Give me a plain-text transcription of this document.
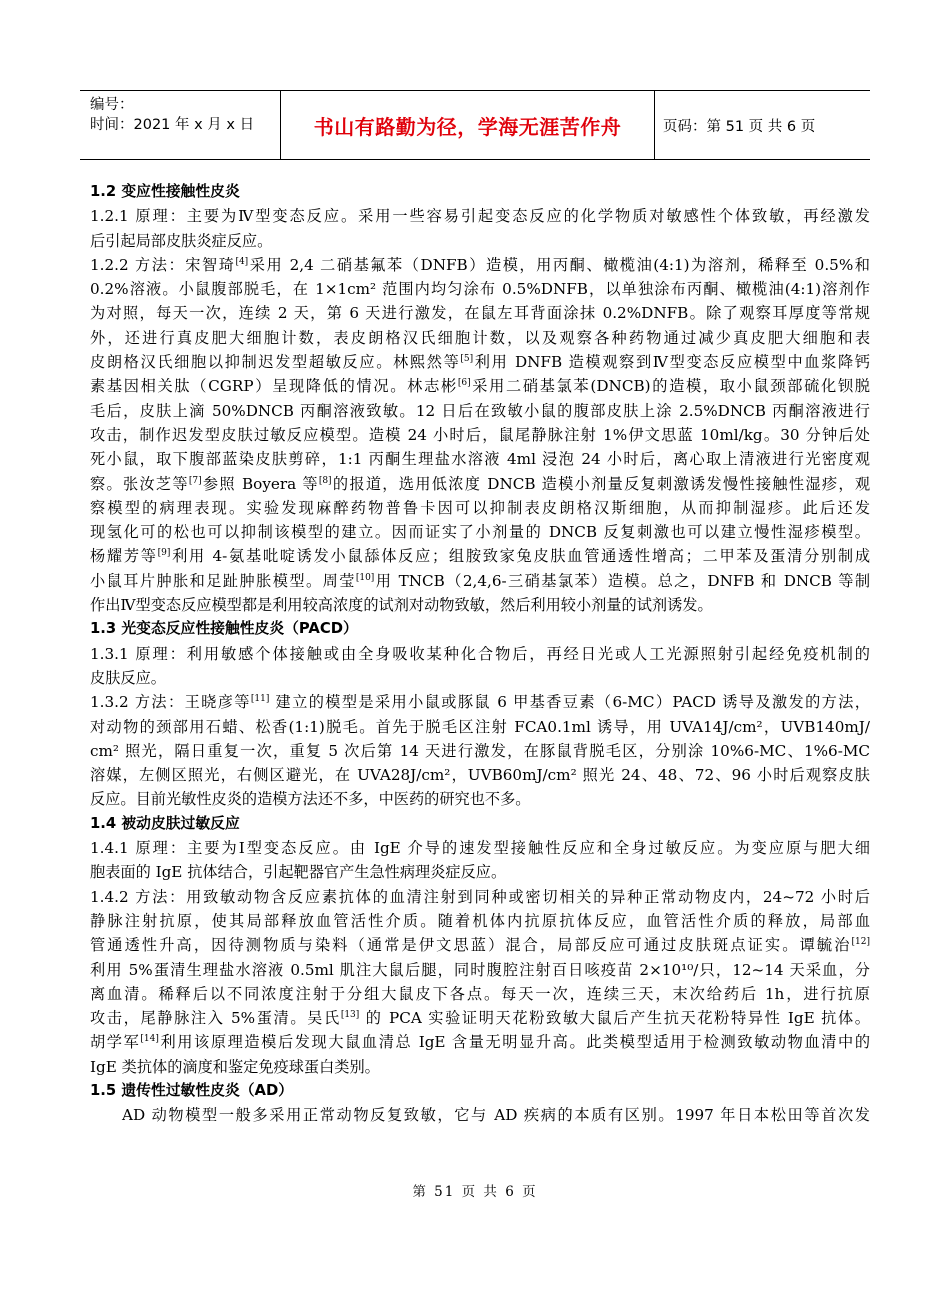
编号：
时间：2021 年 x 月 x 日	书山有路勤为径，学海无涯苦作舟	页码：第 51 页 共 6 页
1.2 变应性接触性皮炎
1.2.1 原理：主要为Ⅳ型变态反应。采用一些容易引起变态反应的化学物质对敏感性个体致敏，再经激发
后引起局部皮肤炎症反应。
1.2.2 方法：宋智琦[4]采用 2,4 二硝基氟苯（DNFB）造模，用丙酮、橄榄油(4:1)为溶剂，稀释至 0.5%和
0.2%溶液。小鼠腹部脱毛，在 1×1cm² 范围内均匀涂布 0.5%DNFB，以单独涂布丙酮、橄榄油(4:1)溶剂作
为对照，每天一次，连续 2 天，第 6 天进行激发，在鼠左耳背面涂抹 0.2%DNFB。除了观察耳厚度等常规
外，还进行真皮肥大细胞计数，表皮朗格汉氏细胞计数，以及观察各种药物通过减少真皮肥大细胞和表
皮朗格汉氏细胞以抑制迟发型超敏反应。林熙然等[5]利用 DNFB 造模观察到Ⅳ型变态反应模型中血浆降钙
素基因相关肽（CGRP）呈现降低的情况。林志彬[6]采用二硝基氯苯(DNCB)的造模，取小鼠颈部硫化钡脱
毛后，皮肤上滴 50%DNCB 丙酮溶液致敏。12 日后在致敏小鼠的腹部皮肤上涂 2.5%DNCB 丙酮溶液进行
攻击，制作迟发型皮肤过敏反应模型。造模 24 小时后，鼠尾静脉注射 1%伊文思蓝 10ml/kg。30 分钟后处
死小鼠，取下腹部蓝染皮肤剪碎，1:1 丙酮生理盐水溶液 4ml 浸泡 24 小时后，离心取上清液进行光密度观
察。张汝芝等[7]参照 Boyera 等[8]的报道，选用低浓度 DNCB 造模小剂量反复刺激诱发慢性接触性湿疹，观
察模型的病理表现。实验发现麻醉药物普鲁卡因可以抑制表皮朗格汉斯细胞，从而抑制湿疹。此后还发
现氢化可的松也可以抑制该模型的建立。因而证实了小剂量的 DNCB 反复刺激也可以建立慢性湿疹模型。
杨耀芳等[9]利用 4-氨基吡啶诱发小鼠舔体反应；组胺致家兔皮肤血管通透性增高；二甲苯及蛋清分别制成
小鼠耳片肿胀和足趾肿胀模型。周莹[10]用 TNCB（2,4,6-三硝基氯苯）造模。总之，DNFB 和 DNCB 等制
作出Ⅳ型变态反应模型都是利用较高浓度的试剂对动物致敏，然后利用较小剂量的试剂诱发。
1.3 光变态反应性接触性皮炎（PACD）
1.3.1 原理：利用敏感个体接触或由全身吸收某种化合物后，再经日光或人工光源照射引起经免疫机制的
皮肤反应。
1.3.2 方法：王晓彦等[11] 建立的模型是采用小鼠或豚鼠 6 甲基香豆素（6-MC）PACD 诱导及激发的方法，
对动物的颈部用石蜡、松香(1:1)脱毛。首先于脱毛区注射 FCA0.1ml 诱导，用 UVA14J/cm²，UVB140mJ/
cm² 照光，隔日重复一次，重复 5 次后第 14 天进行激发，在豚鼠背脱毛区，分别涂 10%6-MC、1%6-MC
溶媒，左侧区照光，右侧区避光，在 UVA28J/cm²，UVB60mJ/cm² 照光 24、48、72、96 小时后观察皮肤
反应。目前光敏性皮炎的造模方法还不多，中医药的研究也不多。
1.4 被动皮肤过敏反应
1.4.1 原理：主要为Ⅰ型变态反应。由 IgE 介导的速发型接触性反应和全身过敏反应。为变应原与肥大细
胞表面的 IgE 抗体结合，引起靶器官产生急性病理炎症反应。
1.4.2 方法：用致敏动物含反应素抗体的血清注射到同种或密切相关的异种正常动物皮内，24~72 小时后
静脉注射抗原，使其局部释放血管活性介质。随着机体内抗原抗体反应，血管活性介质的释放，局部血
管通透性升高，因待测物质与染料（通常是伊文思蓝）混合，局部反应可通过皮肤斑点证实。谭毓治[12]
利用 5%蛋清生理盐水溶液 0.5ml 肌注大鼠后腿，同时腹腔注射百日咳疫苗 2×10¹⁰/只，12~14 天采血，分
离血清。稀释后以不同浓度注射于分组大鼠皮下各点。每天一次，连续三天，末次给药后 1h，进行抗原
攻击，尾静脉注入 5%蛋清。吴氏[13] 的 PCA 实验证明天花粉致敏大鼠后产生抗天花粉特异性 IgE 抗体。
胡学军[14]利用该原理造模后发现大鼠血清总 IgE 含量无明显升高。此类模型适用于检测致敏动物血清中的
IgE 类抗体的滴度和鉴定免疫球蛋白类别。
1.5 遗传性过敏性皮炎（AD）
AD 动物模型一般多采用正常动物反复致敏，它与 AD 疾病的本质有区别。1997 年日本松田等首次发
第 51 页 共 6 页
